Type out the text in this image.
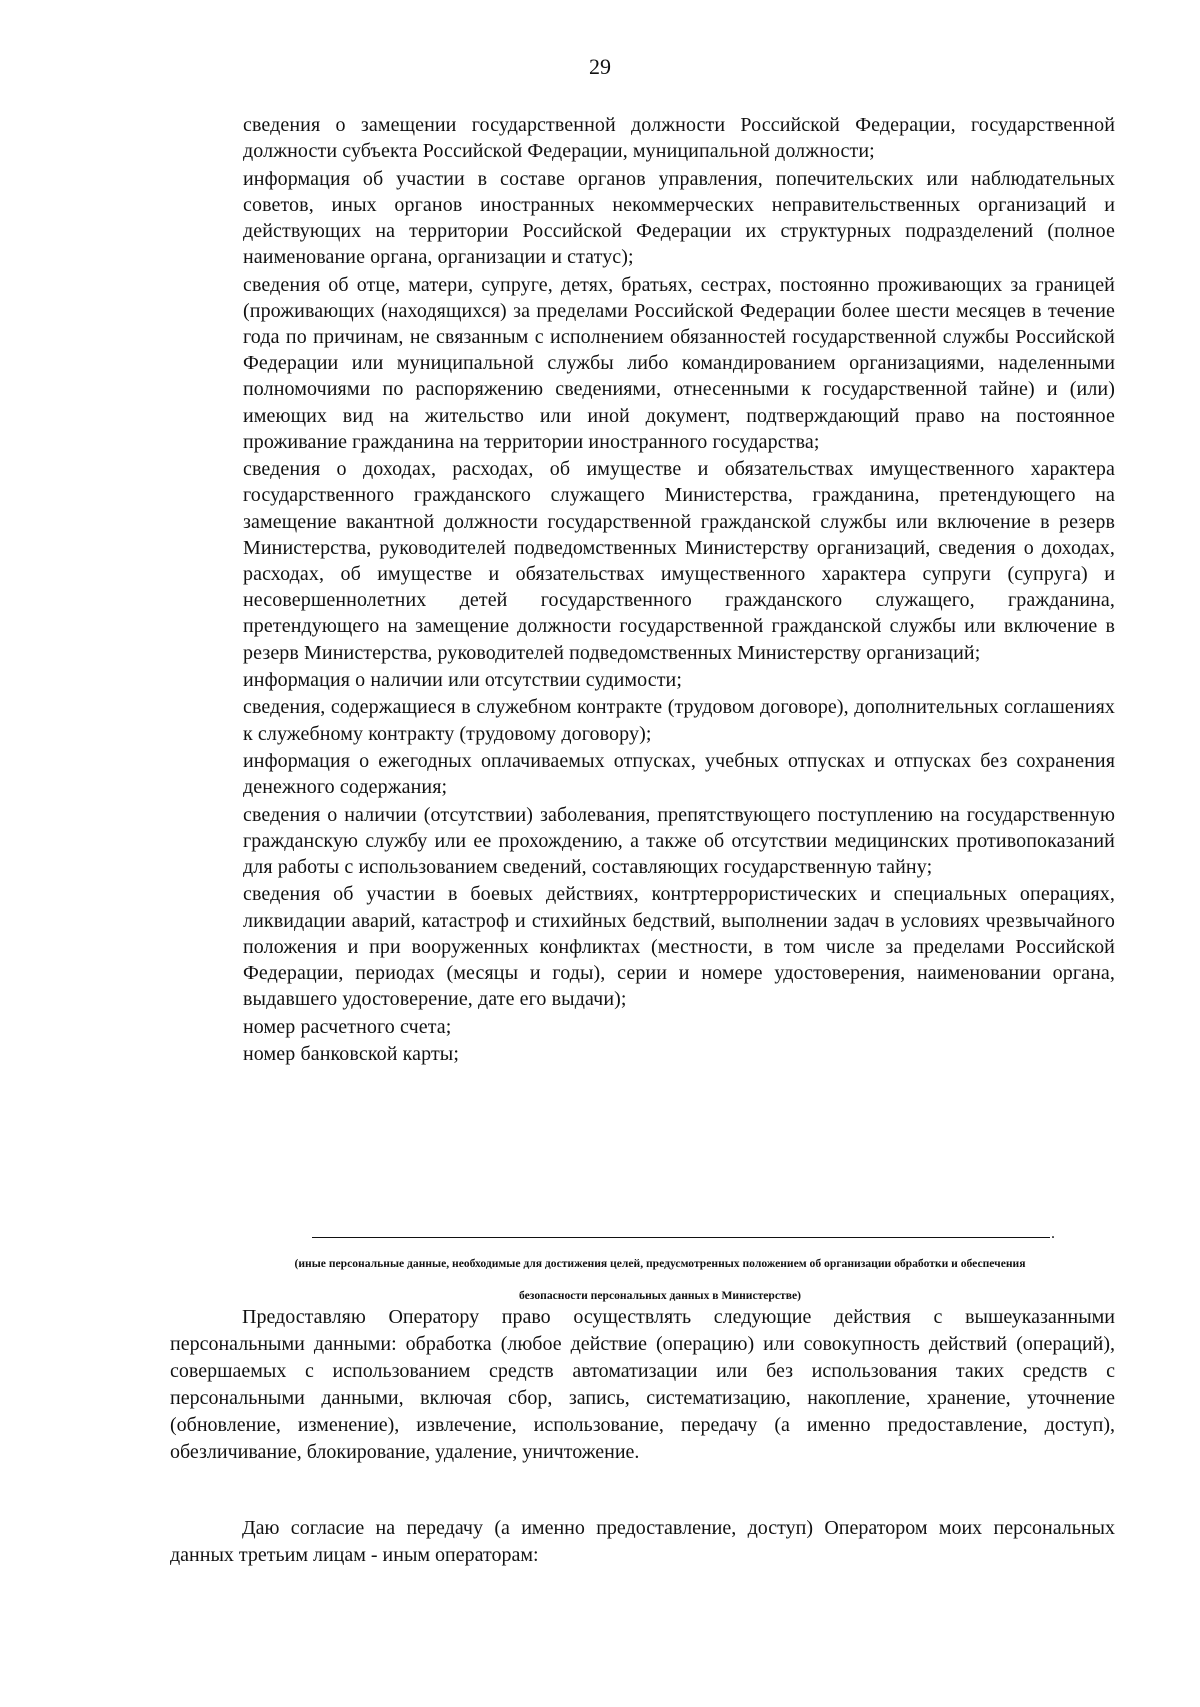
29

сведения о замещении государственной должности Российской Федерации, государственной должности субъекта Российской Федерации, муниципальной должности;

информация об участии в составе органов управления, попечительских или наблюдательных советов, иных органов иностранных некоммерческих неправительственных организаций и действующих на территории Российской Федерации их структурных подразделений (полное наименование органа, организации и статус);

сведения об отце, матери, супруге, детях, братьях, сестрах, постоянно проживающих за границей (проживающих (находящихся) за пределами Российской Федерации более шести месяцев в течение года по причинам, не связанным с исполнением обязанностей государственной службы Российской Федерации или муниципальной службы либо командированием организациями, наделенными полномочиями по распоряжению сведениями, отнесенными к государственной тайне) и (или) имеющих вид на жительство или иной документ, подтверждающий право на постоянное проживание гражданина на территории иностранного государства;

сведения о доходах, расходах, об имуществе и обязательствах имущественного характера государственного гражданского служащего Министерства, гражданина, претендующего на замещение вакантной должности государственной гражданской службы или включение в резерв Министерства, руководителей подведомственных Министерству организаций, сведения о доходах, расходах, об имуществе и обязательствах имущественного характера супруги (супруга) и несовершеннолетних детей государственного гражданского служащего, гражданина, претендующего на замещение должности государственной гражданской службы или включение в резерв Министерства, руководителей подведомственных Министерству организаций;

информация о наличии или отсутствии судимости;

сведения, содержащиеся в служебном контракте (трудовом договоре), дополнительных соглашениях к служебному контракту (трудовому договору);

информация о ежегодных оплачиваемых отпусках, учебных отпусках и отпусках без сохранения денежного содержания;

сведения о наличии (отсутствии) заболевания, препятствующего поступлению на государственную гражданскую службу или ее прохождению, а также об отсутствии медицинских противопоказаний для работы с использованием сведений, составляющих государственную тайну;

сведения об участии в боевых действиях, контртеррористических и специальных операциях, ликвидации аварий, катастроф и стихийных бедствий, выполнении задач в условиях чрезвычайного положения и при вооруженных конфликтах (местности, в том числе за пределами Российской Федерации, периодах (месяцы и годы), серии и номере удостоверения, наименовании органа, выдавшего удостоверение, дате его выдачи);

номер расчетного счета;

номер банковской карты;

.
(иные персональные данные, необходимые для достижения целей, предусмотренных положением об организации обработки и обеспечения
безопасности персональных данных в Министерстве)

Предоставляю Оператору право осуществлять следующие действия с вышеуказанными персональными данными: обработка (любое действие (операцию) или совокупность действий (операций), совершаемых с использованием средств автоматизации или без использования таких средств с персональными данными, включая сбор, запись, систематизацию, накопление, хранение, уточнение (обновление, изменение), извлечение, использование, передачу (а именно предоставление, доступ), обезличивание, блокирование, удаление, уничтожение.

Даю согласие на передачу (а именно предоставление, доступ) Оператором моих персональных данных третьим лицам - иным операторам:
